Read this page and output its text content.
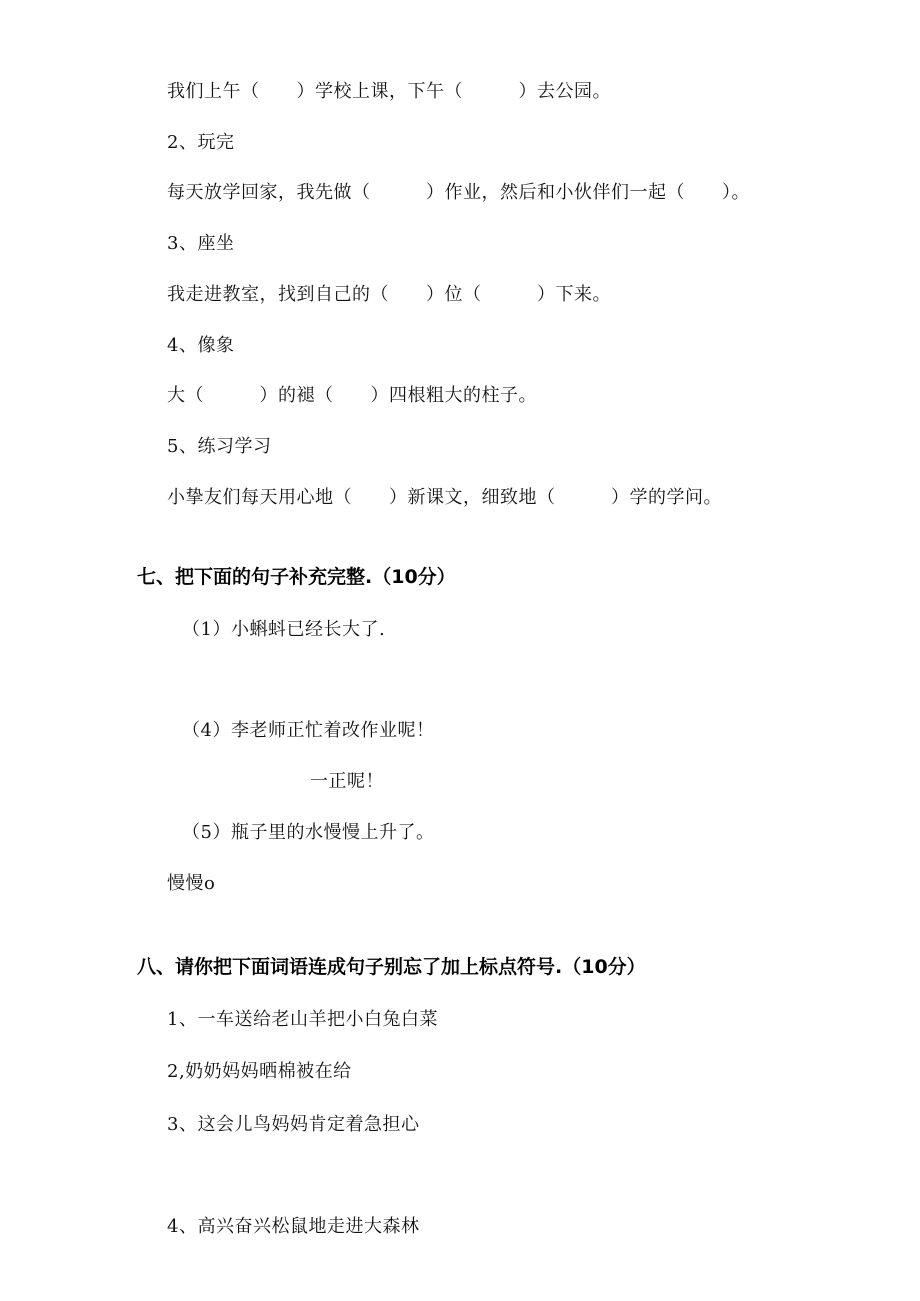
我们上午（　　）学校上课，下午（　　　）去公园。
2、玩完
每天放学回家，我先做（　　　）作业，然后和小伙伴们一起（　　）。
3、座坐
我走进教室，找到自己的（　　）位（　　　）下来。
4、像象
大（　　　）的褪（　　）四根粗大的柱子。
5、练习学习
小挚友们每天用心地（　　）新课文，细致地（　　　）学的学问。
七、把下面的句子补充完整.（10分）
（1）小蝌蚪已经长大了.
（4）李老师正忙着改作业呢！
一正呢！
（5）瓶子里的水慢慢上升了。
慢慢o
八、请你把下面词语连成句子别忘了加上标点符号.（10分）
1、一车送给老山羊把小白兔白菜
2,奶奶妈妈晒棉被在给
3、这会儿鸟妈妈肯定着急担心
4、高兴奋兴松鼠地走进大森林
